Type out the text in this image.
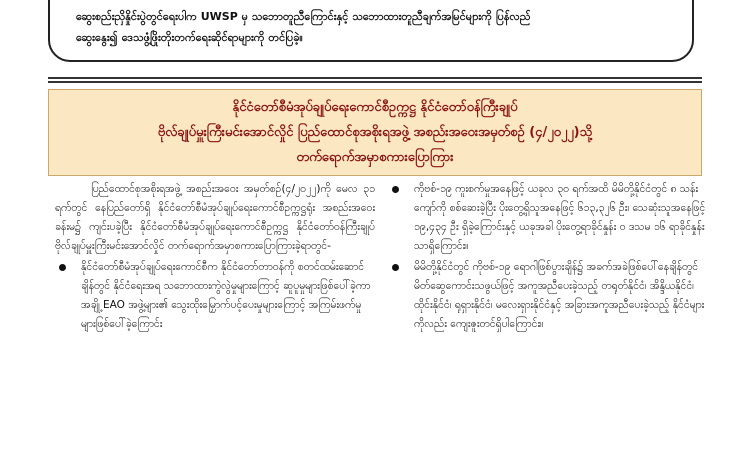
ဆွေးစည်းညှိနှိုင်းပွဲတွင်ရေးပါက UWSP မှ သဘောတူညီကြောင်းနှင့် သဘောထားတူညီချက်အမြင်များကို ပြန်လည်

ဆွေးနွေး၍ ဒေသဖွံ့ဖြိုးတိုးတက်ရေးဆိုင်ရာများကို တင်ပြခဲ့။

နိုင်ငံတော်စီမံအုပ်ချုပ်ရေးကောင်စီဥက္ကဋ္ဌ နိုင်ငံတော်ဝန်ကြီးချုပ်
ဗိုလ်ချုပ်မှူးကြီးမင်းအောင်လှိုင် ပြည်ထောင်စုအစိုးရအဖွဲ့ အစည်းအဝေးအမှတ်စဉ် (၄/၂၀၂၂)သို့
တက်ရောက်အမှာစကားပြောကြား

ပြည်ထောင်စုအစိုးရအဖွဲ့ အစည်းအဝေး အမှတ်စဉ်(၄/၂၀၂၂)ကို မေလ ၃၁ ရက်တွင် နေပြည်တော်ရှိ နိုင်ငံတော်စီမံအုပ်ချုပ်ရေးကောင်စီဥက္ကဋ္ဌရုံး အစည်းအဝေးခန်းမ၌ ကျင်းပခဲ့ပြီး နိုင်ငံတော်စီမံအုပ်ချုပ်ရေးကောင်စီဥက္ကဋ္ဌ နိုင်ငံတော်ဝန်ကြီးချုပ် ဗိုလ်ချုပ်မှူးကြီးမင်းအောင်လှိုင် တက်ရောက်အမှာစကားပြောကြားခဲ့ရာတွင်-

နိုင်ငံတော်စီမံအုပ်ချုပ်ရေးကောင်စီက နိုင်ငံတော်တာဝန်ကို စတင်ထမ်းဆောင်ချိန်တွင် နိုင်ငံရေးအရ သဘောထားကွဲလွဲမှုများကြောင့် ဆူပူမှုများဖြစ်ပေါ်ခဲ့ကာ အချို့ EAO အဖွဲ့များ၏ သွေးထိုးမြှောက်ပင့်ပေးမှုများကြောင့် အကြမ်းဖက်မှုများဖြစ်ပေါ်ခဲ့ကြောင်း
ကိုဗစ်-၁၉ ကူးစက်မှုအနေဖြင့် ယခုလ ၃၀ ရက်အထိ မိမိတို့နိုင်ငံတွင် ၈ သန်းကျော်ကို စစ်ဆေးခဲ့ပြီး ပိုးတွေ့ရှိသူအနေဖြင့် ၆၁၃,၃၂၆ ဦး၊ သေဆုံးသူအနေဖြင့် ၁၉,၄၃၄ ဦး ရှိခဲ့ကြောင်းနှင့် ယခုအခါ ပိုးတွေ့ရာခိုင်နှုန်း ၀ ဒသမ ၁၆ ရာခိုင်နှုန်းသာရှိကြောင်း။
မိမိတို့နိုင်ငံတွင် ကိုဗစ်-၁၉ ရောဂါဖြစ်ပွားချိန်၌ အခက်အခဲဖြစ်ပေါ်နေချိန်တွင် မိတ်ဆွေကောင်းသဖွယ်ဖြင့် အကူအညီပေးခဲ့သည့် တရုတ်နိုင်ငံ၊ အိန္ဒိယနိုင်ငံ၊ ထိုင်းနိုင်ငံ၊ ရုရှားနိုင်ငံ၊ မလေးရှားနိုင်ငံနှင့် အခြားအကူအညီပေးခဲ့သည့် နိုင်ငံများကိုလည်း ကျေးဇူးတင်ရှိပါကြောင်း။
